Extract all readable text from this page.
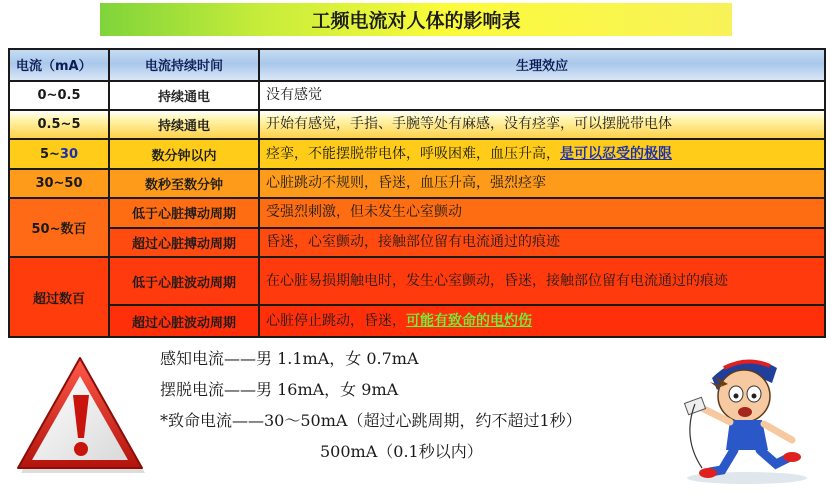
工频电流对人体的影响表
电流（mA）	电流持续时间	生理效应
0~0.5	持续通电	没有感觉
0.5~5	持续通电	开始有感觉，手指、手腕等处有麻感，没有痉挛，可以摆脱带电体
5~30	数分钟以内	痉挛，不能摆脱带电体，呼吸困难，血压升高，是可以忍受的极限
30~50	数秒至数分钟	心脏跳动不规则，昏迷，血压升高，强烈痉挛
50~数百	低于心脏搏动周期	受强烈刺激，但未发生心室颤动
	超过心脏搏动周期	昏迷，心室颤动，接触部位留有电流通过的痕迹
超过数百	低于心脏波动周期	在心脏易损期触电时，发生心室颤动，昏迷，接触部位留有电流通过的痕迹
	超过心脏波动周期	心脏停止跳动，昏迷，可能有致命的电灼伤
感知电流——男 1.1mA，女 0.7mA
摆脱电流——男 16mA，女 9mA
*致命电流——30～50mA（超过心跳周期，约不超过1秒）
500mA（0.1秒以内）
